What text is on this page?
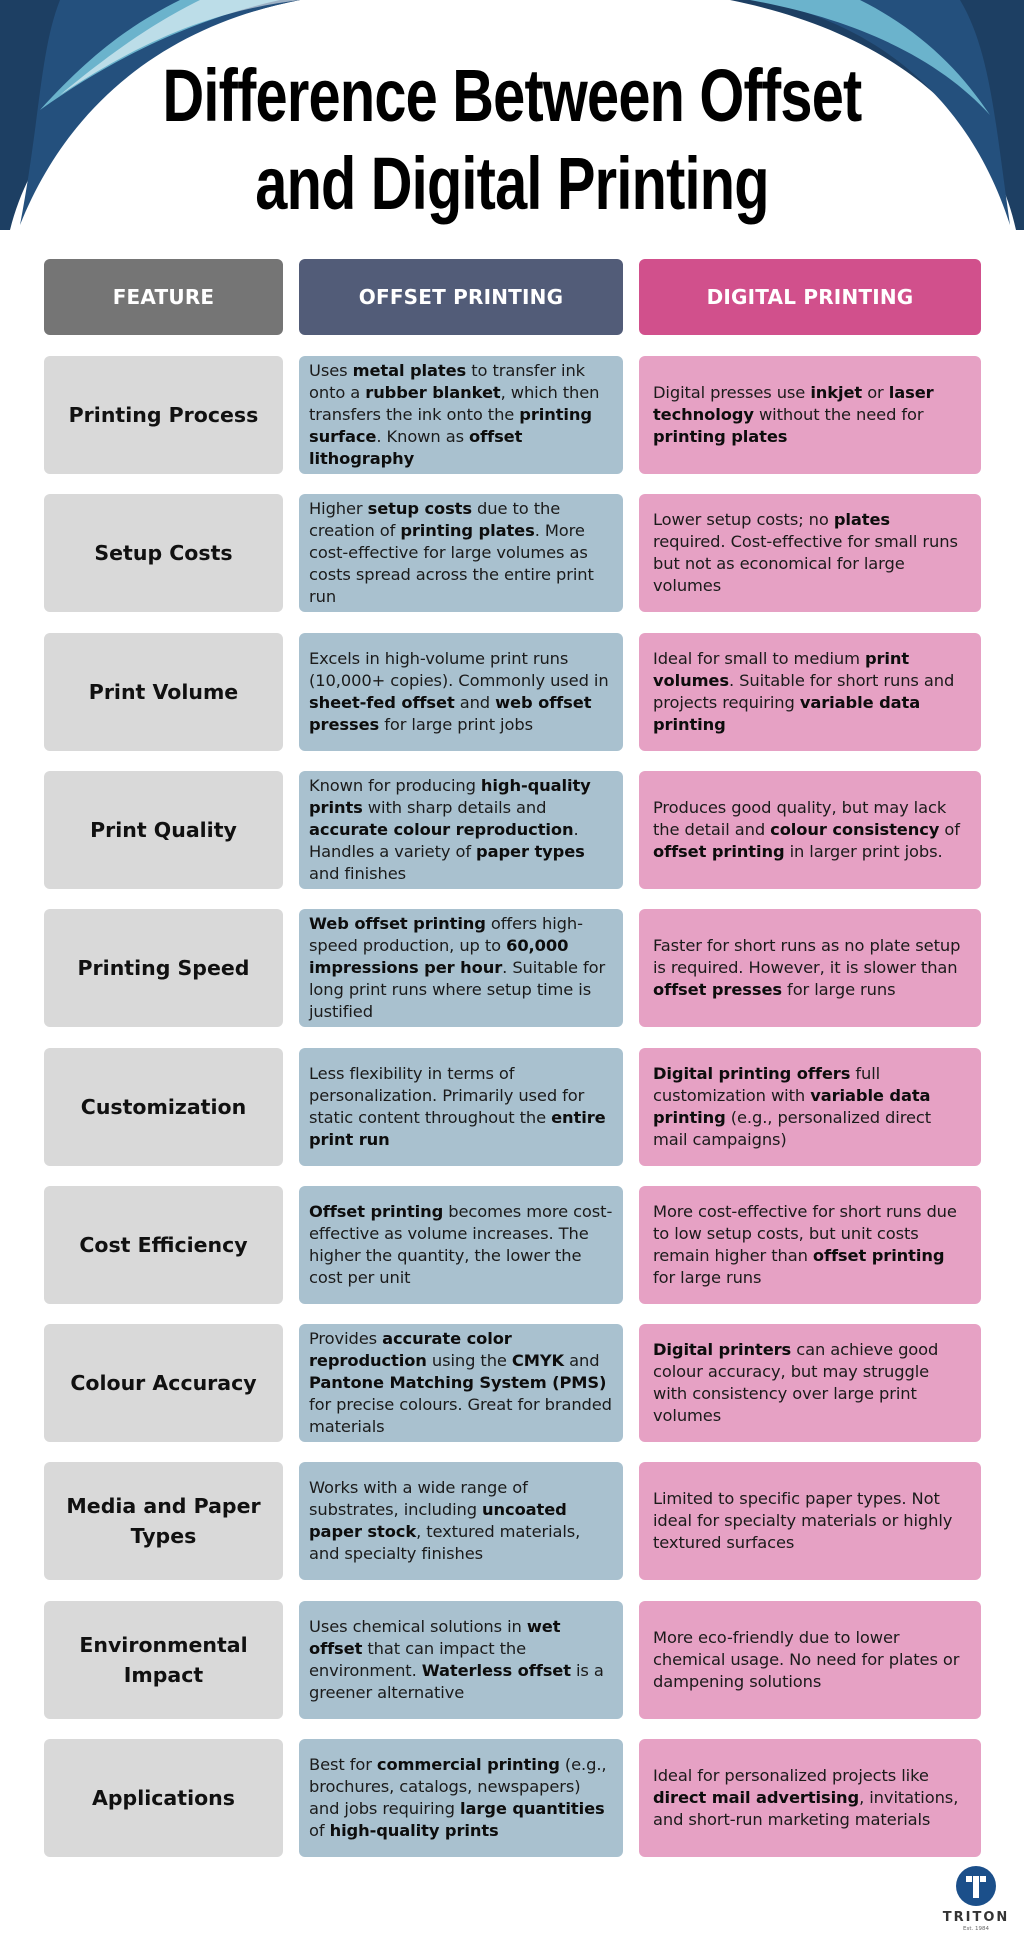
Difference Between Offset
and Digital Printing
FEATURE	OFFSET PRINTING	DIGITAL PRINTING
Printing Process
Uses metal plates to transfer ink onto a rubber blanket, which then transfers the ink onto the printing surface. Known as offset lithography
Digital presses use inkjet or laser technology without the need for printing plates
Setup Costs
Higher setup costs due to the creation of printing plates. More cost-effective for large volumes as costs spread across the entire print run
Lower setup costs; no plates required. Cost-effective for small runs but not as economical for large volumes
Print Volume
Excels in high-volume print runs (10,000+ copies). Commonly used in sheet-fed offset and web offset presses for large print jobs
Ideal for small to medium print volumes. Suitable for short runs and projects requiring variable data printing
Print Quality
Known for producing high-quality prints with sharp details and accurate colour reproduction. Handles a variety of paper types and finishes
Produces good quality, but may lack the detail and colour consistency of offset printing in larger print jobs.
Printing Speed
Web offset printing offers high-speed production, up to 60,000 impressions per hour. Suitable for long print runs where setup time is justified
Faster for short runs as no plate setup is required. However, it is slower than offset presses for large runs
Customization
Less flexibility in terms of personalization. Primarily used for static content throughout the entire print run
Digital printing offers full customization with variable data printing (e.g., personalized direct mail campaigns)
Cost Efficiency
Offset printing becomes more cost-effective as volume increases. The higher the quantity, the lower the cost per unit
More cost-effective for short runs due to low setup costs, but unit costs remain higher than offset printing for large runs
Colour Accuracy
Provides accurate color reproduction using the CMYK and Pantone Matching System (PMS) for precise colours. Great for branded materials
Digital printers can achieve good colour accuracy, but may struggle with consistency over large print volumes
Media and Paper Types
Works with a wide range of substrates, including uncoated paper stock, textured materials, and specialty finishes
Limited to specific paper types. Not ideal for specialty materials or highly textured surfaces
Environmental Impact
Uses chemical solutions in wet offset that can impact the environment. Waterless offset is a greener alternative
More eco-friendly due to lower chemical usage. No need for plates or dampening solutions
Applications
Best for commercial printing (e.g., brochures, catalogs, newspapers) and jobs requiring large quantities of high-quality prints
Ideal for personalized projects like direct mail advertising, invitations, and short-run marketing materials
TRITON
Est. 1984
